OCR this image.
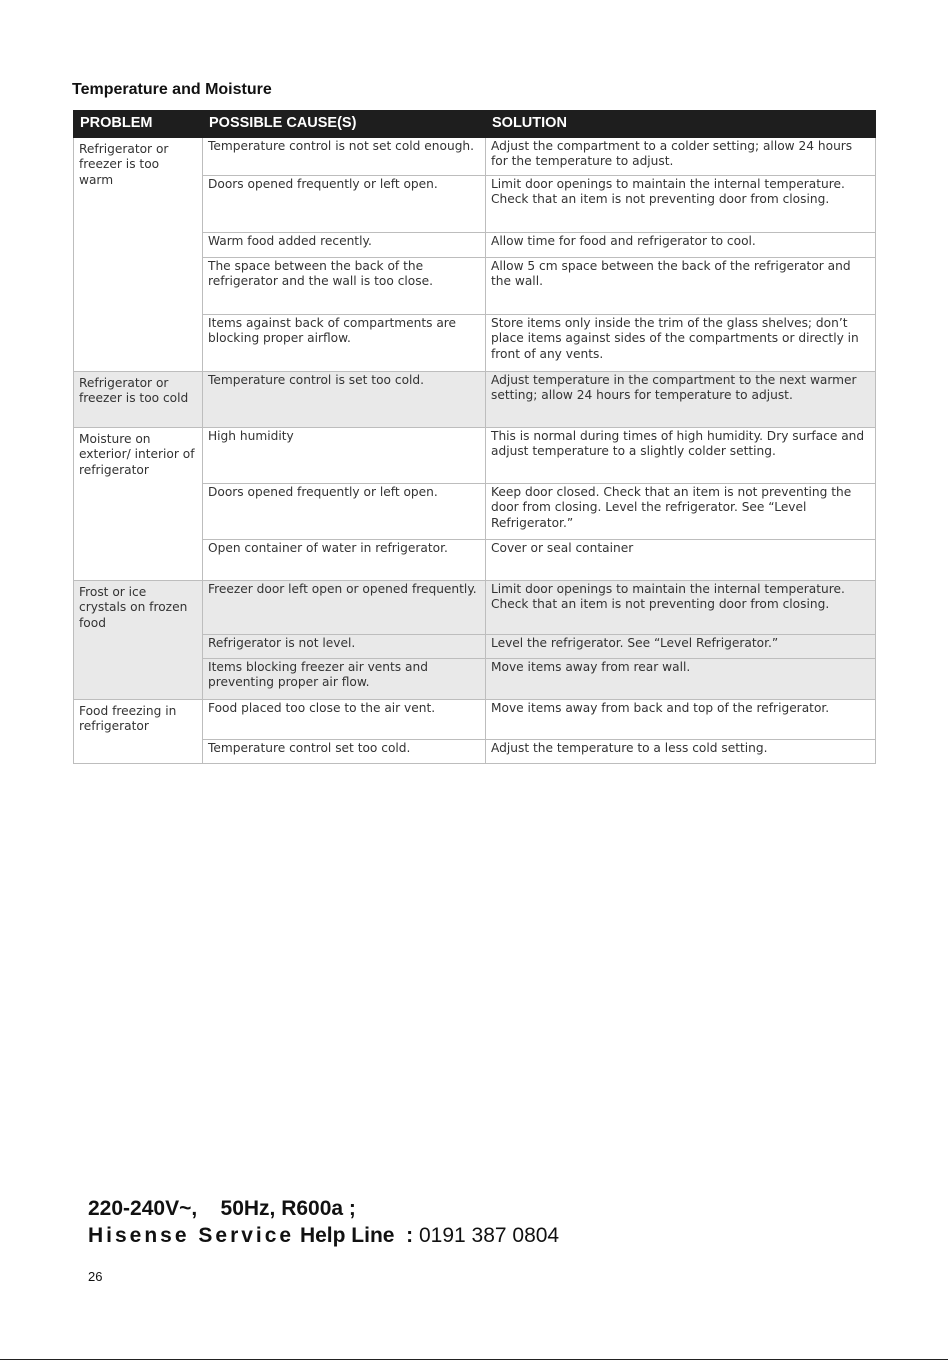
Temperature and Moisture
PROBLEM	POSSIBLE CAUSE(S)	SOLUTION
Refrigerator or freezer is too warm	Temperature control is not set cold enough.	Adjust the compartment to a colder setting; allow 24 hours for the temperature to adjust.
	Doors opened frequently or left open.	Limit door openings to maintain the internal temperature. Check that an item is not preventing door from closing.
	Warm food added recently.	Allow time for food and refrigerator to cool.
	The space between the back of the refrigerator and the wall is too close.	Allow 5 cm space between the back of the refrigerator and the wall.
	Items against back of compartments are blocking proper airflow.	Store items only inside the trim of the glass shelves; don’t place items against sides of the compartments or directly in front of any vents.
Refrigerator or freezer is too cold	Temperature control is set too cold.	Adjust temperature in the compartment to the next warmer setting; allow 24 hours for temperature to adjust.
Moisture on exterior/ interior of refrigerator	High humidity	This is normal during times of high humidity. Dry surface and adjust temperature to a slightly colder setting.
	Doors opened frequently or left open.	Keep door closed. Check that an item is not preventing the door from closing. Level the refrigerator. See “Level Refrigerator.”
	Open container of water in refrigerator.	Cover or seal container
Frost or ice crystals on frozen food	Freezer door left open or opened frequently.	Limit door openings to maintain the internal temperature. Check that an item is not preventing door from closing.
	Refrigerator is not level.	Level the refrigerator. See “Level Refrigerator.”
	Items blocking freezer air vents and preventing proper air flow.	Move items away from rear wall.
Food freezing in refrigerator	Food placed too close to the air vent.	Move items away from back and top of the refrigerator.
	Temperature control set too cold.	Adjust the temperature to a less cold setting.
220-240V~,    50Hz, R600a ;
Hisense Service Help Line  : 0191 387 0804
26
